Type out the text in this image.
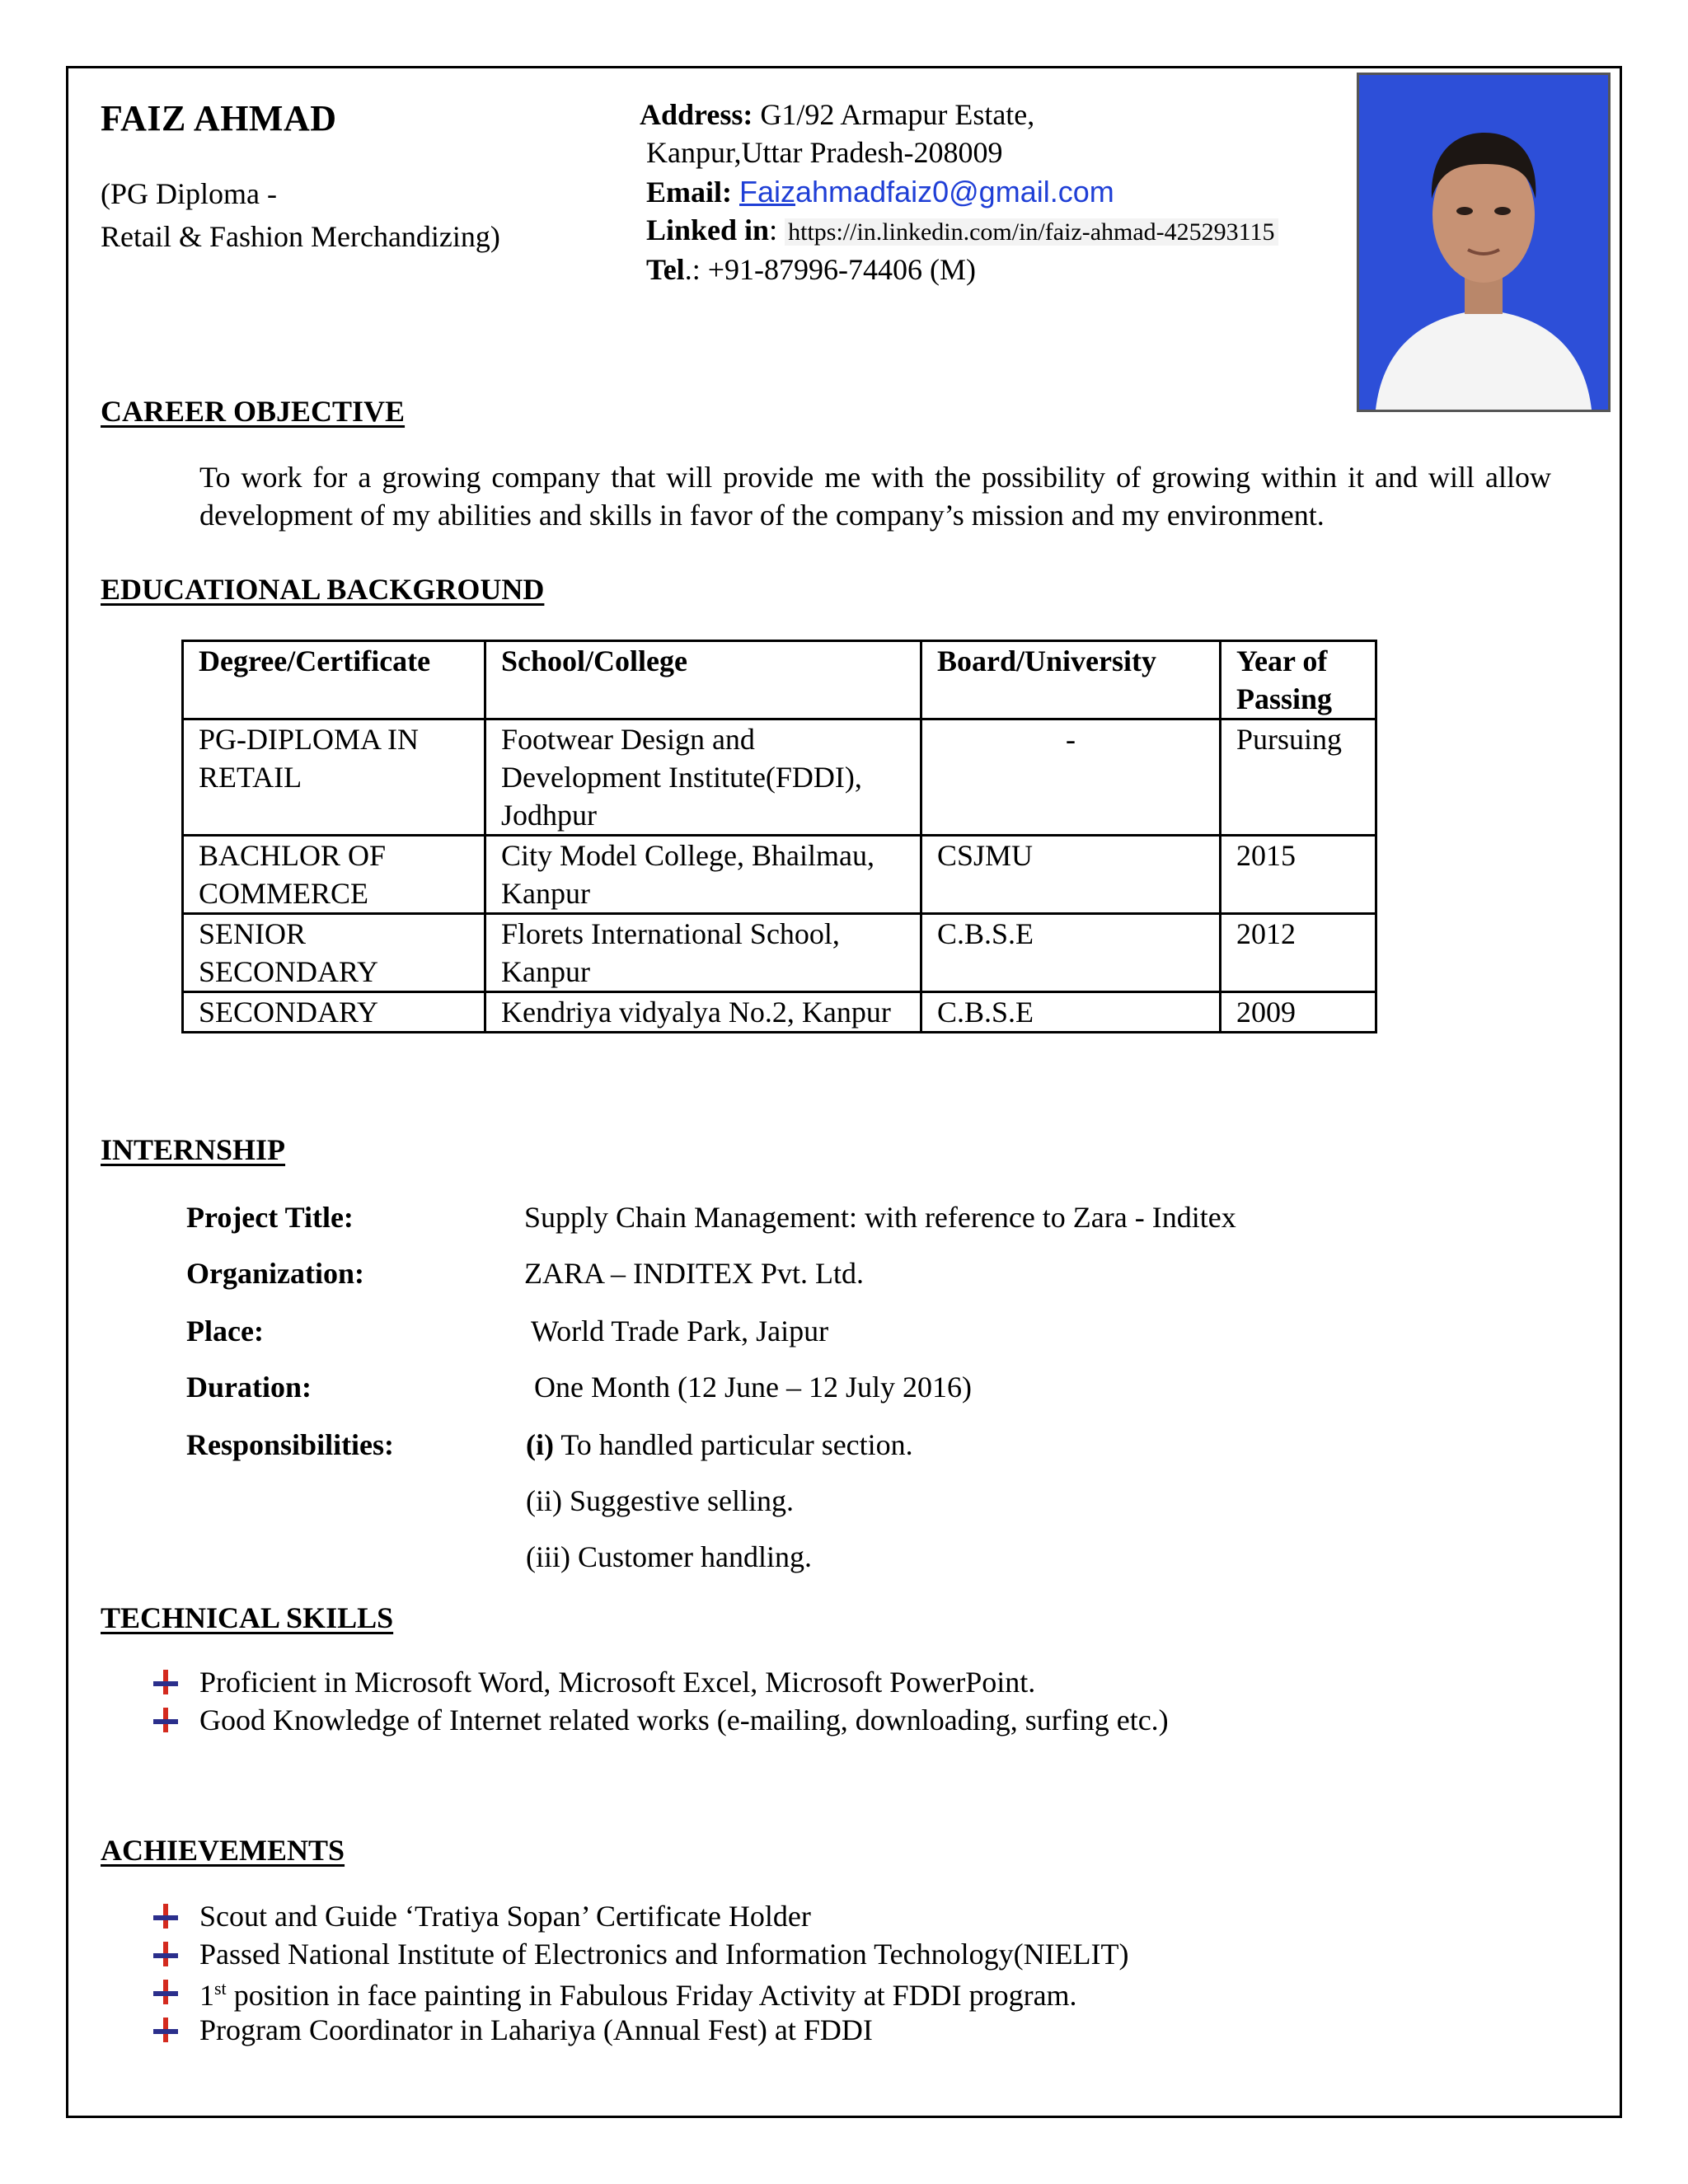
FAIZ AHMAD
(PG Diploma -
Retail & Fashion Merchandizing)
Address: G1/92 Armapur Estate,
Kanpur,Uttar Pradesh-208009
Email: Faizahmadfaiz0@gmail.com
Linked in: https://in.linkedin.com/in/faiz-ahmad-425293115
Tel.: +91-87996-74406 (M)
CAREER OBJECTIVE
To work for a growing company that will provide me with the possibility of growing within it and will allow development of my abilities and skills in favor of the company’s mission and my environment.
EDUCATIONAL BACKGROUND
Degree/Certificate	School/College	Board/University	Year of Passing
PG-DIPLOMA IN RETAIL	Footwear Design and Development Institute(FDDI), Jodhpur	-	Pursuing
BACHLOR OF COMMERCE	City Model College, Bhailmau, Kanpur	CSJMU	2015
SENIOR SECONDARY	Florets International School, Kanpur	C.B.S.E	2012
SECONDARY	Kendriya vidyalya No.2, Kanpur	C.B.S.E	2009
INTERNSHIP
Project Title:	Supply Chain Management: with reference to Zara - Inditex
Organization:	ZARA – INDITEX Pvt. Ltd.
Place:	World Trade Park, Jaipur
Duration:	One Month (12 June – 12 July 2016)
Responsibilities:	(i) To handled particular section.
(ii) Suggestive selling.
(iii) Customer handling.
TECHNICAL SKILLS
Proficient in Microsoft Word, Microsoft Excel, Microsoft PowerPoint.
Good Knowledge of Internet related works (e-mailing, downloading, surfing etc.)
ACHIEVEMENTS
Scout and Guide ‘Tratiya Sopan’ Certificate Holder
Passed National Institute of Electronics and Information Technology(NIELIT)
1st position in face painting in Fabulous Friday Activity at FDDI program.
Program Coordinator in Lahariya (Annual Fest) at FDDI
